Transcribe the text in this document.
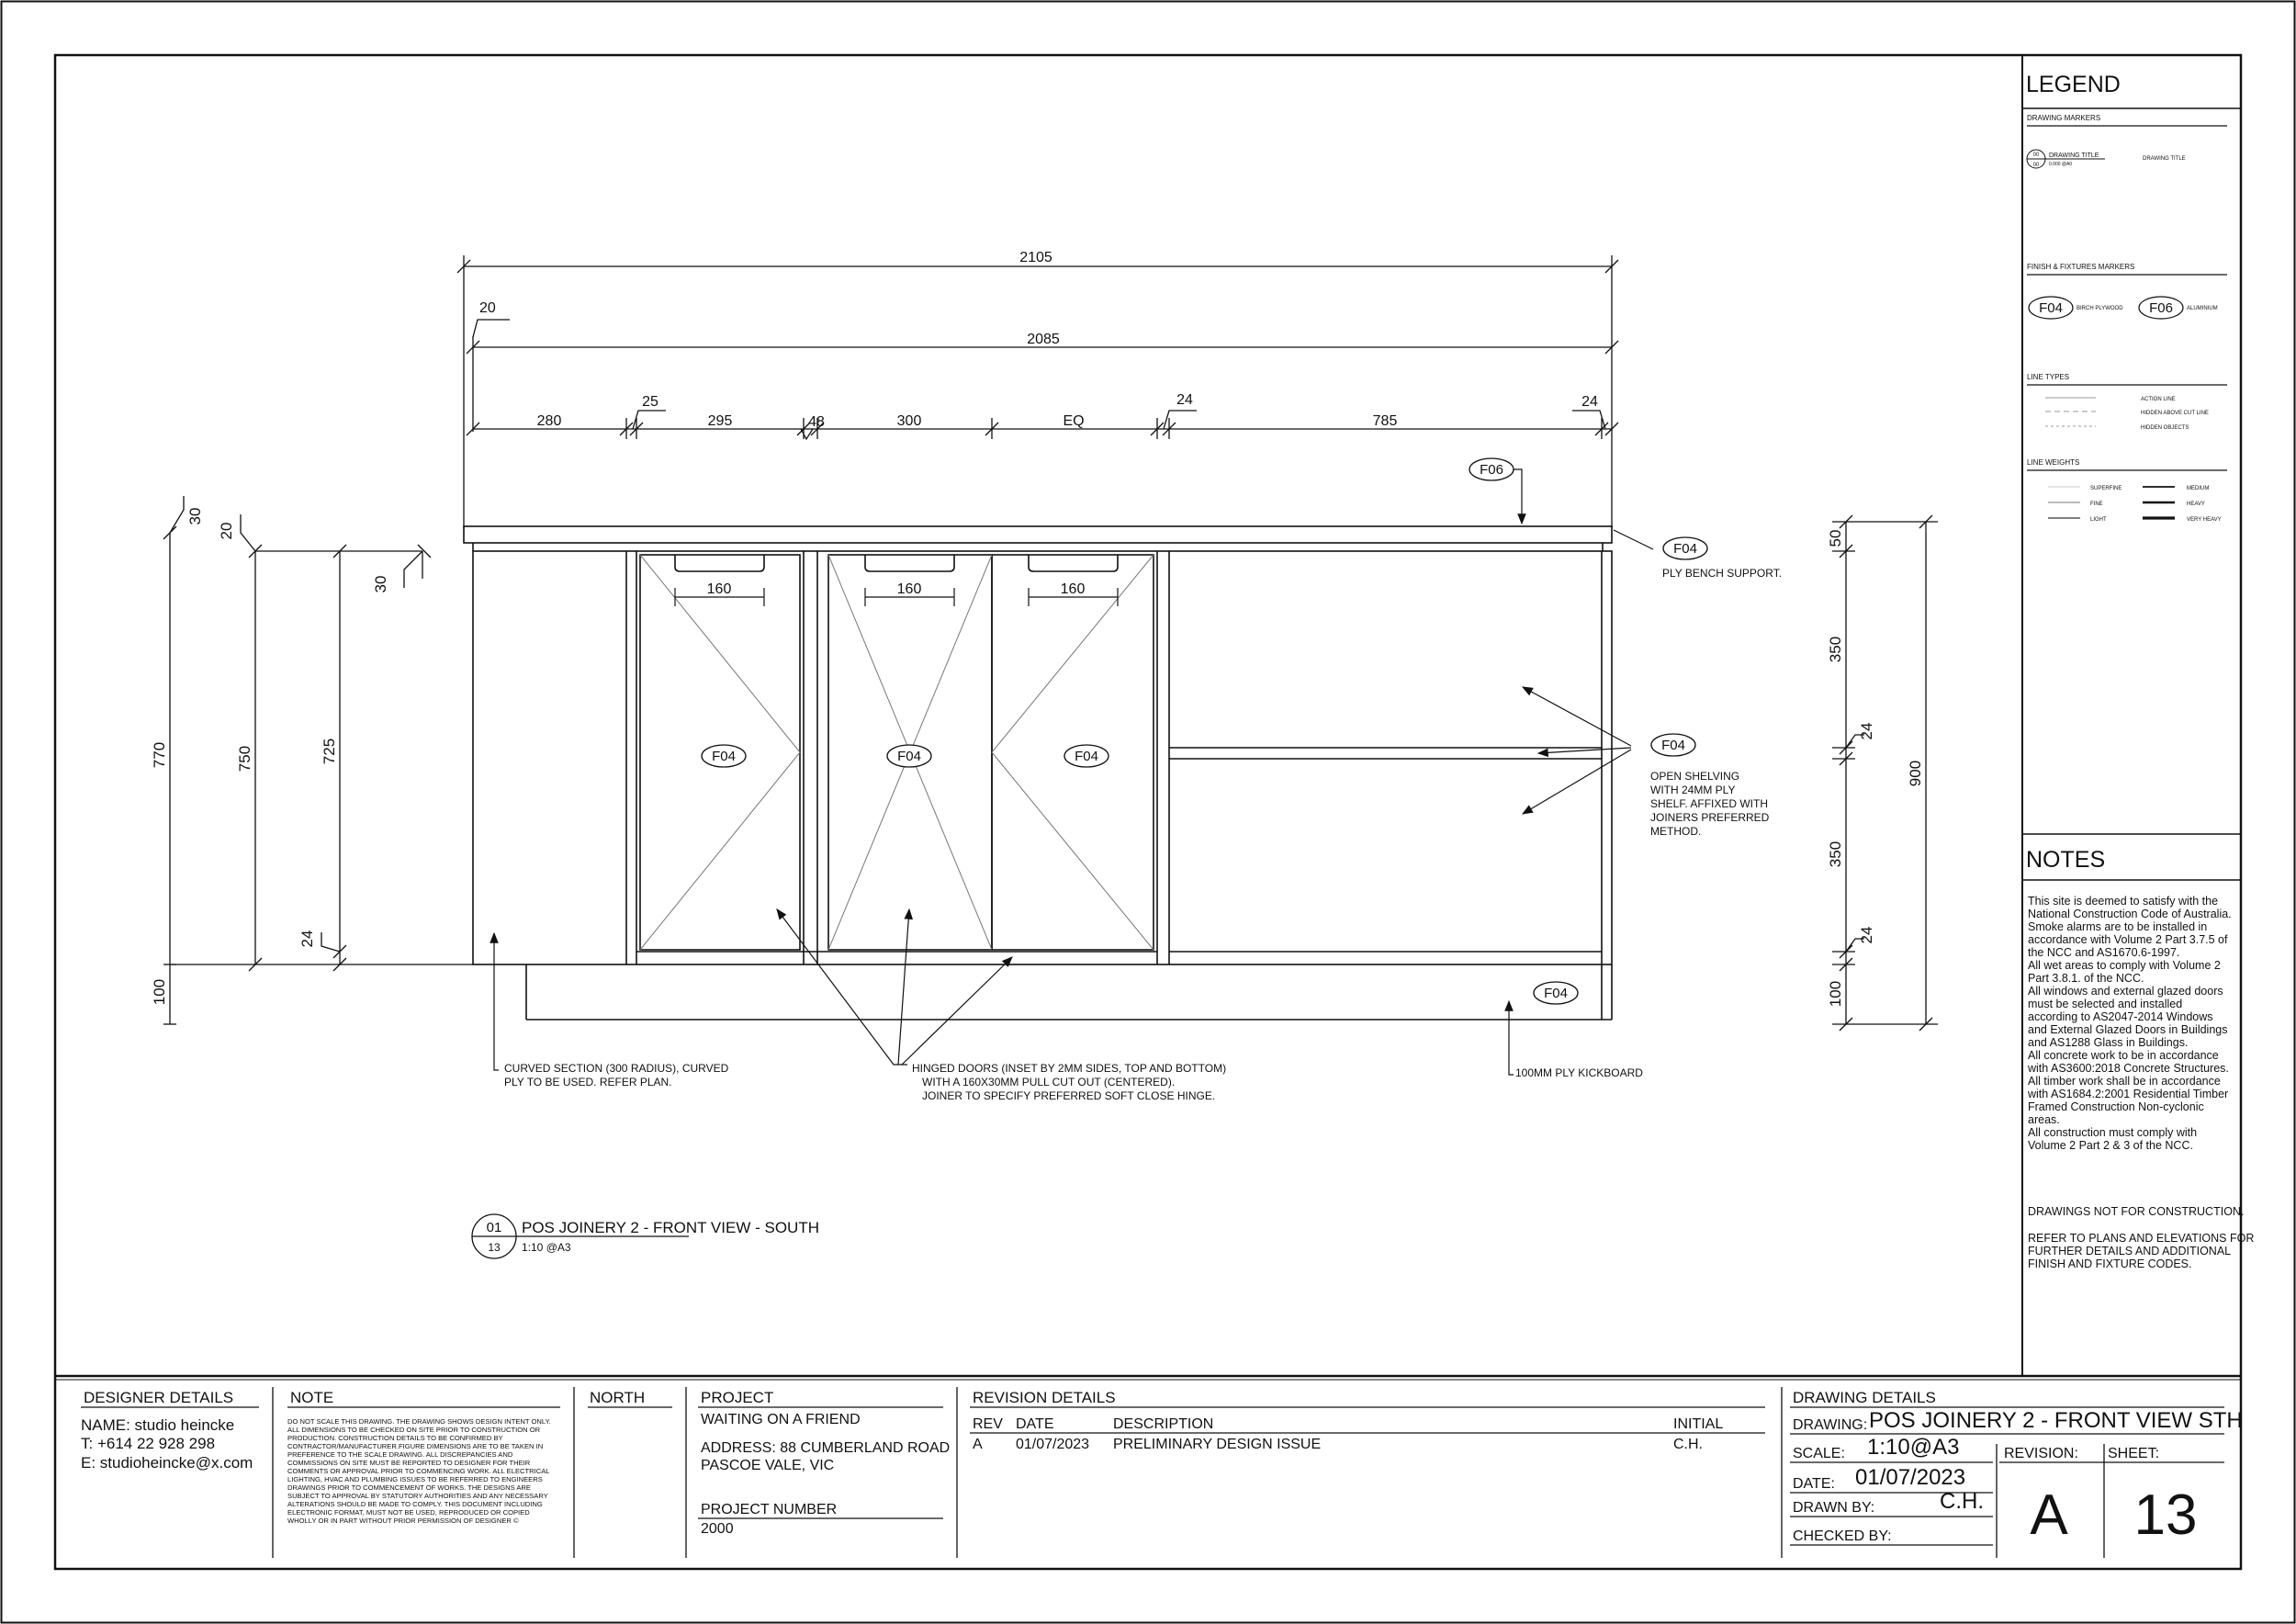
2105
2085
20
280
25
295	48	300	EQ
24
785
24
160	160	160
770	750	725
30
20
30
100
24
50
350
24
350
24
100
900
F06
F04
F04	F04	F04
F04
F04
PLY BENCH SUPPORT.
OPEN SHELVING
WITH 24MM PLY
SHELF. AFFIXED WITH
JOINERS PREFERRED
METHOD.
CURVED SECTION (300 RADIUS), CURVED
PLY TO BE USED. REFER PLAN.
HINGED DOORS (INSET BY 2MM SIDES, TOP AND BOTTOM)
WITH A 160X30MM PULL CUT OUT (CENTERED).
JOINER TO SPECIFY PREFERRED SOFT CLOSE HINGE.
100MM PLY KICKBOARD
01
13
POS JOINERY 2 - FRONT VIEW - SOUTH
1:10 @A3
LEGEND
DRAWING MARKERS
00
00
DRAWING TITLE
0.000 @A0
DRAWING TITLE
FINISH & FIXTURES MARKERS
F04	BIRCH PLYWOOD F06	ALUMINIUM
LINE TYPES
ACTION LINE
HIDDEN ABOVE CUT LINE
HIDDEN OBJECTS
LINE WEIGHTS
SUPERFINE
FINE
LIGHT
MEDIUM
HEAVY
VERY HEAVY
NOTES
This site is deemed to satisfy with the
National Construction Code of Australia.
Smoke alarms are to be installed in
accordance with Volume 2 Part 3.7.5 of
the NCC and AS1670.6-1997.
All wet areas to comply with Volume 2
Part 3.8.1. of the NCC.
All windows and external glazed doors
must be selected and installed
according to AS2047-2014 Windows
and External Glazed Doors in Buildings
and AS1288 Glass in Buildings.
All concrete work to be in accordance
with AS3600:2018 Concrete Structures.
All timber work shall be in accordance
with AS1684.2:2001 Residential Timber
Framed Construction Non-cyclonic
areas.
All construction must comply with
Volume 2 Part 2 & 3 of the NCC.
DRAWINGS NOT FOR CONSTRUCTION.
REFER TO PLANS AND ELEVATIONS FOR
FURTHER DETAILS AND ADDITIONAL
FINISH AND FIXTURE CODES.
DESIGNER DETAILS
NAME: studio heincke
T: +614 22 928 298
E: studioheincke@x.com
NOTE
DO NOT SCALE THIS DRAWING. THE DRAWING SHOWS DESIGN INTENT ONLY.
ALL DIMENSIONS TO BE CHECKED ON SITE PRIOR TO CONSTRUCTION OR
PRODUCTION. CONSTRUCTION DETAILS TO BE CONFIRMED BY
CONTRACTOR/MANUFACTURER.FIGURE DIMENSIONS ARE TO BE TAKEN IN
PREFERENCE TO THE SCALE DRAWING. ALL DISCREPANCIES AND
COMMISSIONS ON SITE MUST BE REPORTED TO DESIGNER FOR THEIR
COMMENTS OR APPROVAL PRIOR TO COMMENCING WORK. ALL ELECTRICAL
LIGHTING, HVAC AND PLUMBING ISSUES TO BE REFERRED TO ENGINEERS
DRAWINGS PRIOR TO COMMENCEMENT OF WORKS. THE DESIGNS ARE
SUBJECT TO APPROVAL BY STATUTORY AUTHORITIES AND ANY NECESSARY
ALTERATIONS SHOULD BE MADE TO COMPLY. THIS DOCUMENT INCLUDING
ELECTRONIC FORMAT, MUST NOT BE USED, REPRODUCED OR COPIED
WHOLLY OR IN PART WITHOUT PRIOR PERMISSION OF DESIGNER ©
NORTH	PROJECT
WAITING ON A FRIEND
ADDRESS: 88 CUMBERLAND ROAD
PASCOE VALE, VIC
PROJECT NUMBER
2000
REVISION DETAILS
REV DATE	DESCRIPTION	INITIAL
A 01/07/2023 PRELIMINARY DESIGN ISSUE	C.H.
DRAWING DETAILS
DRAWING: POS JOINERY 2 - FRONT VIEW STH
SCALE: 1:10@A3	REVISION: SHEET:
DATE: 01/07/2023
DRAWN BY:	C.H.
CHECKED BY: A 13
